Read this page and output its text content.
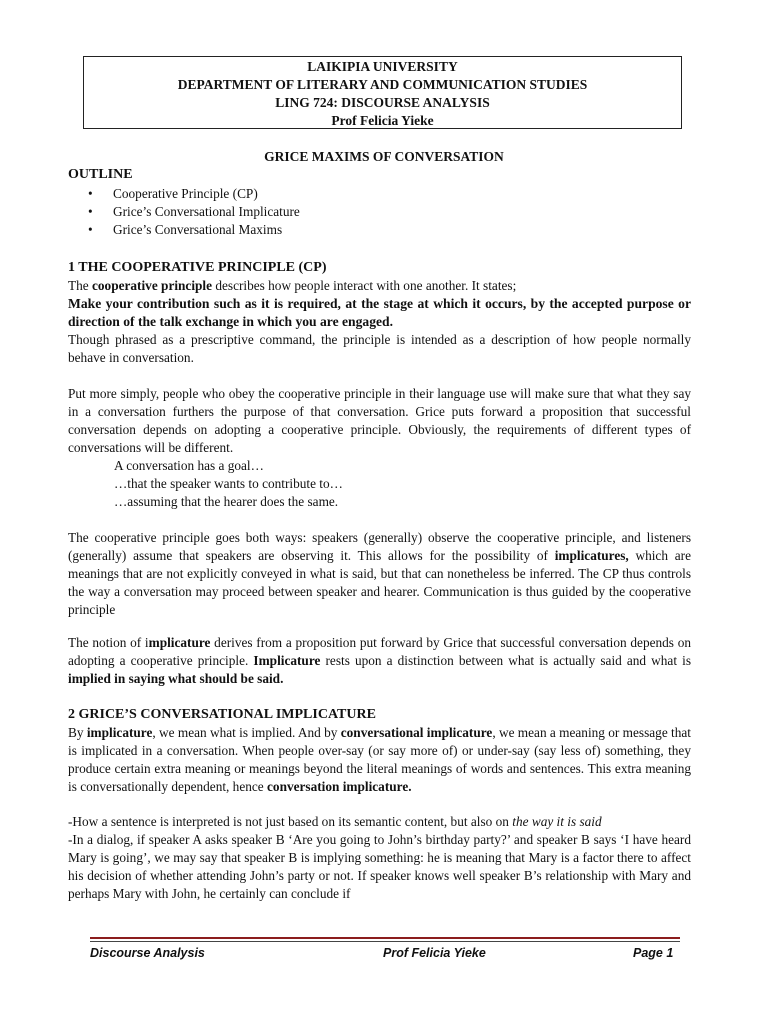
LAIKIPIA UNIVERSITY
DEPARTMENT OF LITERARY AND COMMUNICATION STUDIES
LING 724: DISCOURSE ANALYSIS
Prof Felicia Yieke
GRICE MAXIMS OF CONVERSATION
OUTLINE
• Cooperative Principle (CP)
• Grice’s Conversational Implicature
• Grice’s Conversational Maxims
1 THE COOPERATIVE PRINCIPLE (CP)

The cooperative principle describes how people interact with one another. It states;

Make your contribution such as it is required, at the stage at which it occurs, by the accepted purpose or direction of the talk exchange in which you are engaged.

Though phrased as a prescriptive command, the principle is intended as a description of how people normally behave in conversation.

Put more simply, people who obey the cooperative principle in their language use will make sure that what they say in a conversation furthers the purpose of that conversation. Grice puts forward a proposition that successful conversation depends on adopting a cooperative principle. Obviously, the requirements of different types of conversations will be different.

A conversation has a goal…

…that the speaker wants to contribute to…

…assuming that the hearer does the same.

The cooperative principle goes both ways: speakers (generally) observe the cooperative principle, and listeners (generally) assume that speakers are observing it. This allows for the possibility of implicatures, which are meanings that are not explicitly conveyed in what is said, but that can nonetheless be inferred. The CP thus controls the way a conversation may proceed between speaker and hearer. Communication is thus guided by the cooperative principle

The notion of implicature derives from a proposition put forward by Grice that successful conversation depends on adopting a cooperative principle. Implicature rests upon a distinction between what is actually said and what is implied in saying what should be said.

2 GRICE’S CONVERSATIONAL IMPLICATURE

By implicature, we mean what is implied. And by conversational implicature, we mean a meaning or message that is implicated in a conversation. When people over-say (or say more of) or under-say (say less of) something, they produce certain extra meaning or meanings beyond the literal meanings of words and sentences. This extra meaning is conversationally dependent, hence conversation implicature.

-How a sentence is interpreted is not just based on its semantic content, but also on the way it is said

-In a dialog, if speaker A asks speaker B ‘Are you going to John’s birthday party?’ and speaker B says ‘I have heard Mary is going’, we may say that speaker B is implying something: he is meaning that Mary is a factor there to affect his decision of whether attending John’s party or not. If speaker knows well speaker B’s relationship with Mary and perhaps Mary with John, he certainly can conclude if

Discourse Analysis	Prof Felicia Yieke	Page 1
